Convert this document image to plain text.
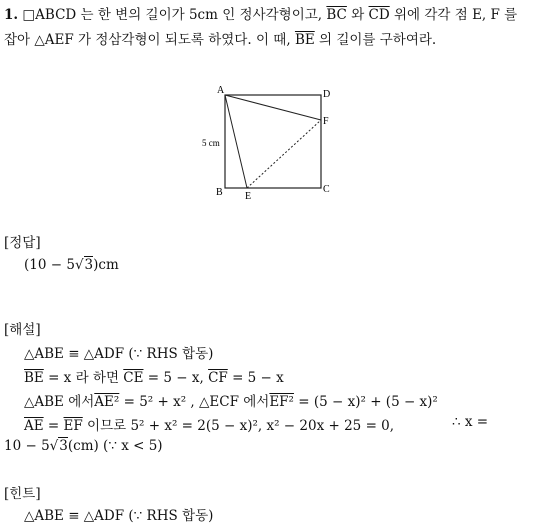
1. □ABCD 는 한 변의 길이가 5cm 인 정사각형이고, $\overline{BC}$ 와 $\overline{CD}$ 위에 각각 점 E, F 를 잡아 △AEF 가 정삼각형이 되도록 하였다. 이 때, $\overline{BE}$ 의 길이를 구하여라.
A	D
F
B	C
E
5 cm
[정답]
(10 − 5√3)cm
[해설]
△ABE ≡ △ADF (∵ RHS 합동)
$\overline{BE} = x$ 라 하면 $\overline{CE} = 5 - x$, $\overline{CF} = 5 - x$
△ABE 에서AE² = 5² + x² , △ECF 에서EF² = (5 − x)² + (5 − x)²
$\overline{AE} = \overline{EF}$ 이므로 5² + x² = 2(5 − x)², x² − 20x + 25 = 0,	∴ x =
10 − 5√3(cm) (∵ x < 5)
[힌트]
△ABE ≡ △ADF (∵ RHS 합동)
